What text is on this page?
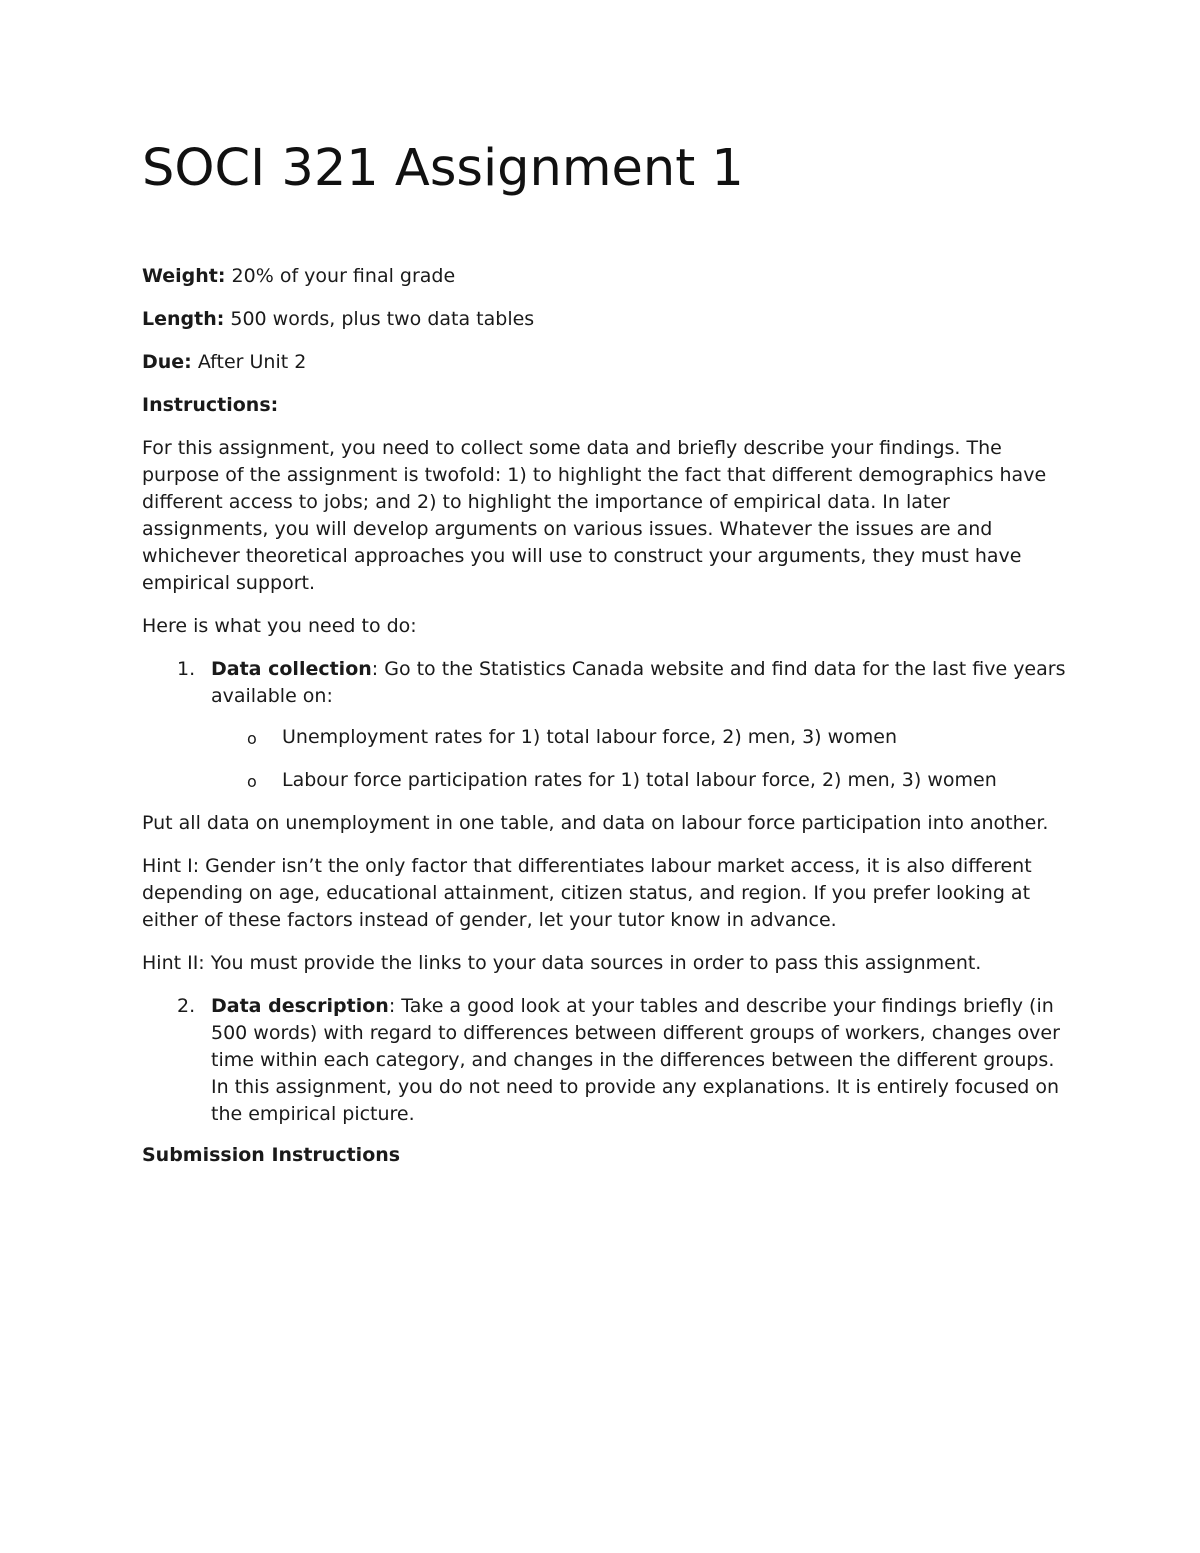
SOCI 321 Assignment 1

Weight: 20% of your final grade

Length: 500 words, plus two data tables

Due: After Unit 2

Instructions:

For this assignment, you need to collect some data and briefly describe your findings. The purpose of the assignment is twofold: 1) to highlight the fact that different demographics have different access to jobs; and 2) to highlight the importance of empirical data. In later assignments, you will develop arguments on various issues. Whatever the issues are and whichever theoretical approaches you will use to construct your arguments, they must have empirical support.

Here is what you need to do:

1. Data collection: Go to the Statistics Canada website and find data for the last five years available on:
o Unemployment rates for 1) total labour force, 2) men, 3) women
o Labour force participation rates for 1) total labour force, 2) men, 3) women

Put all data on unemployment in one table, and data on labour force participation into another.

Hint I: Gender isn’t the only factor that differentiates labour market access, it is also different depending on age, educational attainment, citizen status, and region. If you prefer looking at either of these factors instead of gender, let your tutor know in advance.

Hint II: You must provide the links to your data sources in order to pass this assignment.

2. Data description: Take a good look at your tables and describe your findings briefly (in 500 words) with regard to differences between different groups of workers, changes over time within each category, and changes in the differences between the different groups. In this assignment, you do not need to provide any explanations. It is entirely focused on the empirical picture.

Submission Instructions
